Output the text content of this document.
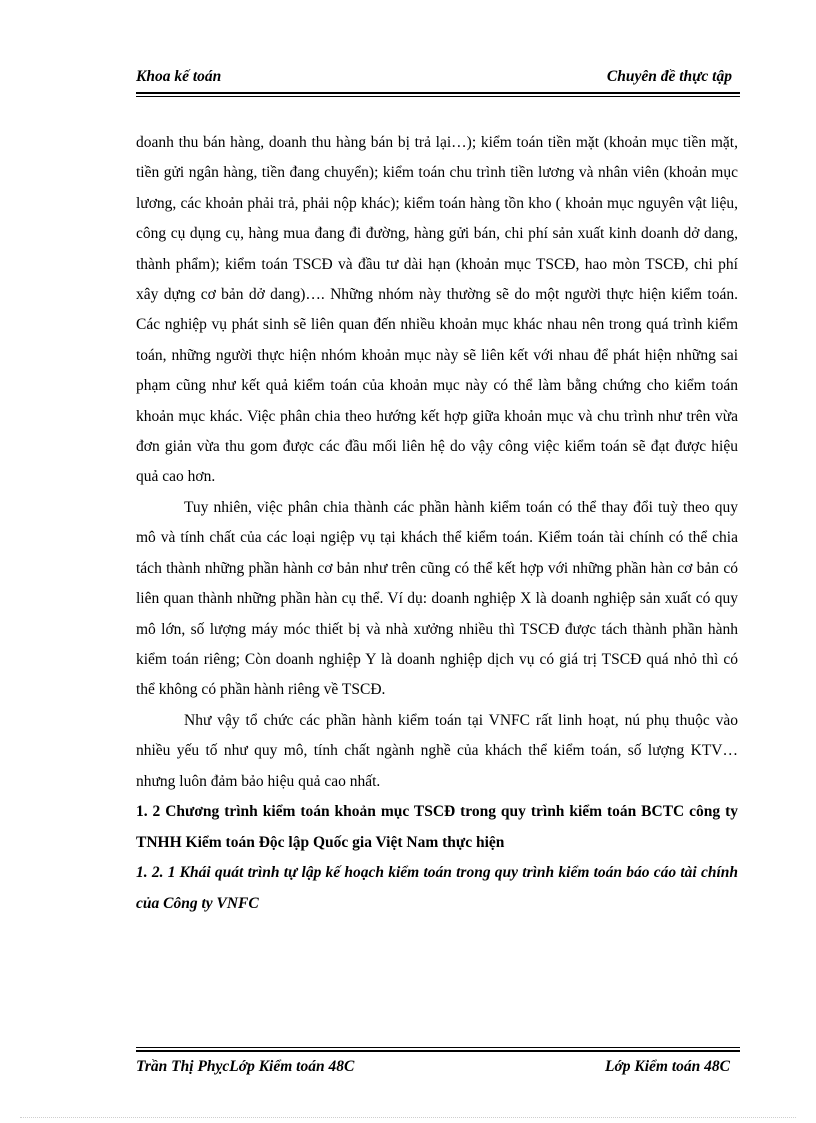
Khoa kế toán	Chuyên đề thực tập

doanh thu bán hàng, doanh thu hàng bán bị trả lại…); kiểm toán tiền mặt (khoản mục tiền mặt, tiền gửi ngân hàng, tiền đang chuyển); kiểm toán chu trình tiền lương và nhân viên (khoản mục lương, các khoản phải trả, phải nộp khác); kiểm toán hàng tồn kho ( khoản mục nguyên vật liệu, công cụ dụng cụ, hàng mua đang đi đường, hàng gửi bán, chi phí sản xuất kinh doanh dở dang, thành phẩm); kiểm toán TSCĐ và đầu tư dài hạn (khoản mục TSCĐ, hao mòn TSCĐ, chi phí xây dựng cơ bản dở dang)…. Những nhóm này thường sẽ do một người thực hiện kiểm toán. Các nghiệp vụ phát sinh sẽ liên quan đến nhiều khoản mục khác nhau nên trong quá trình kiểm toán, những người thực hiện nhóm khoản mục này sẽ liên kết với nhau để phát hiện những sai phạm cũng như kết quả kiểm toán của khoản mục này có thể làm bằng chứng cho kiểm toán khoản mục khác. Việc phân chia theo hướng kết hợp giữa khoản mục và chu trình như trên vừa đơn giản vừa thu gom được các đầu mối liên hệ do vậy công việc kiểm toán sẽ đạt được hiệu quả cao hơn.

Tuy nhiên, việc phân chia thành các phần hành kiểm toán có thể thay đổi tuỳ theo quy mô và tính chất của các loại ngiệp vụ tại khách thể kiểm toán. Kiểm toán tài chính có thể chia tách thành những phần hành cơ bản như trên cũng có thể kết hợp với những phần hàn cơ bản có liên quan thành những phần hàn cụ thể. Ví dụ: doanh nghiệp X là doanh nghiệp sản xuất có quy mô lớn, số lượng máy móc thiết bị và nhà xưởng nhiều thì TSCĐ được tách thành phần hành kiểm toán riêng; Còn doanh nghiệp Y là doanh nghiệp dịch vụ có giá trị TSCĐ quá nhỏ thì có thể không có phần hành riêng về TSCĐ.

Như vậy tổ chức các phần hành kiểm toán tại VNFC rất linh hoạt, nú phụ thuộc vào nhiều yếu tố như quy mô, tính chất ngành nghề của khách thể kiểm toán, số lượng KTV… nhưng luôn đảm bảo hiệu quả cao nhất.

1. 2 Chương trình kiểm toán khoản mục TSCĐ trong quy trình kiểm toán BCTC công ty TNHH Kiểm toán Độc lập Quốc gia Việt Nam thực hiện

1. 2. 1 Khái quát trình tự lập kế hoạch kiểm toán trong quy trình kiểm toán báo cáo tài chính của Công ty VNFC

Trần Thị PhỵcLớp Kiểm toán 48C	Lớp Kiểm toán 48C
